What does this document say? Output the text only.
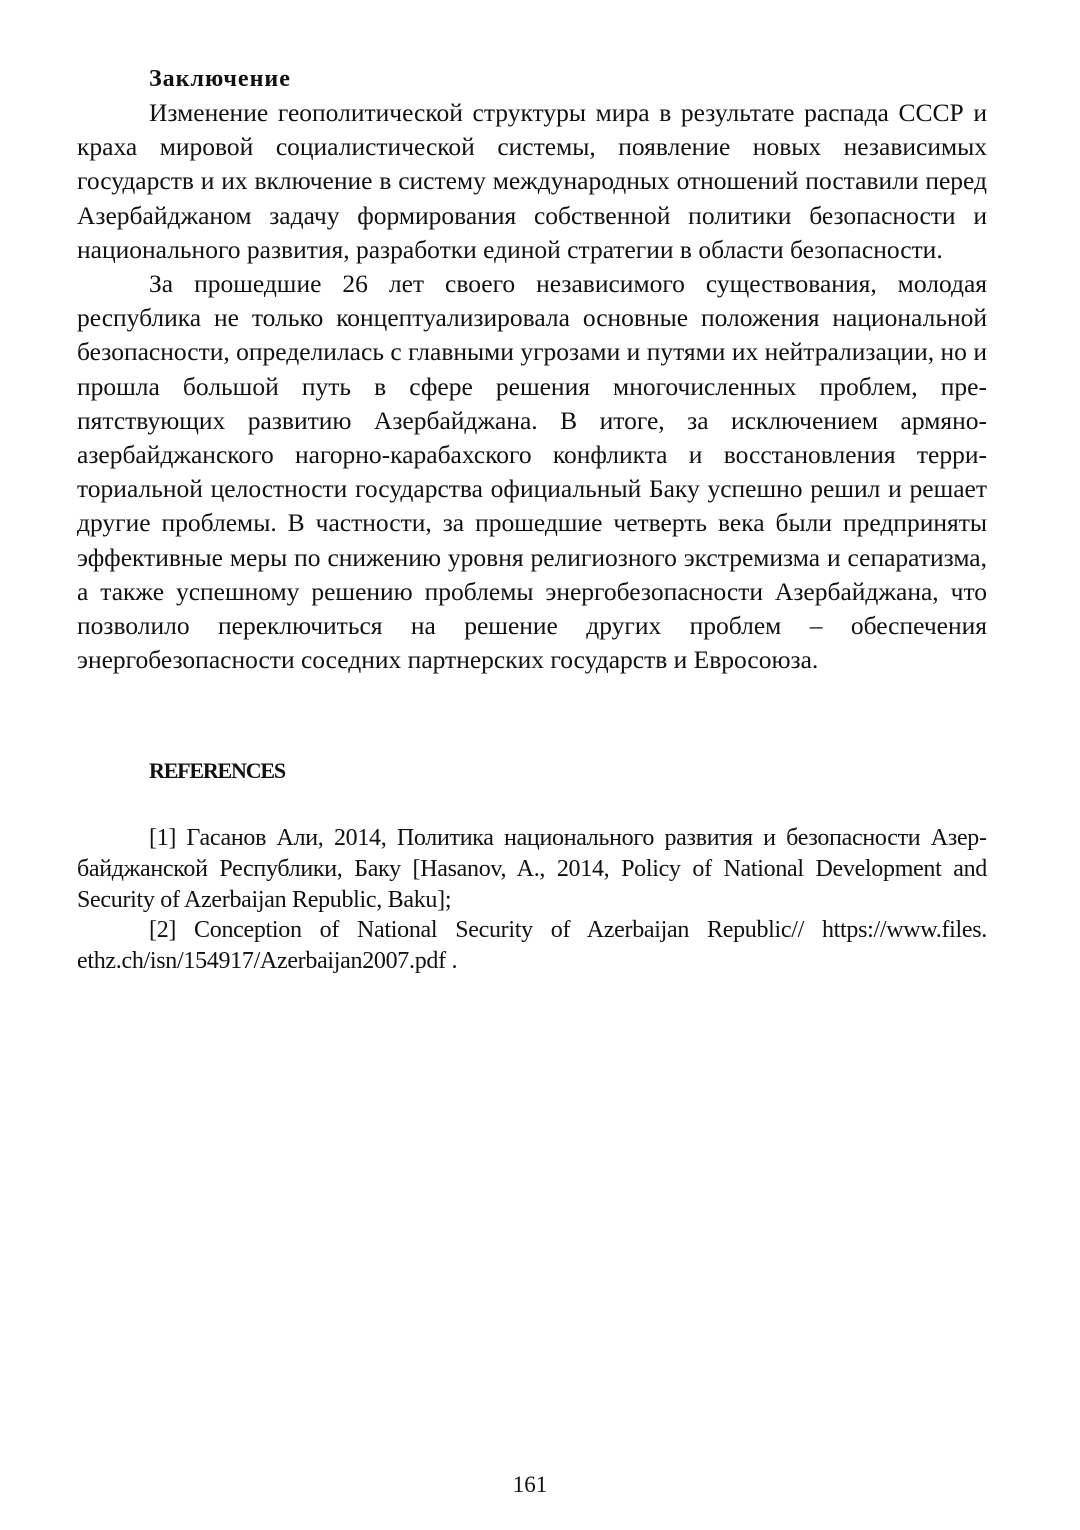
Заключение

Изменение геополитической структуры мира в результате распада СССР и краха мировой социалистической системы, появление новых независимых государств и их включение в систему международных отношений поставили перед Азербайджаном задачу формирования собственной политики безопасности и национального развития, разработки единой стратегии в области безопасности.

За прошедшие 26 лет своего независимого существования, молодая республика не только концептуализировала основные положения национальной безопасности, определилась с главными угрозами и путями их нейтрализации, но и прошла большой путь в сфере решения многочисленных проблем, препятствующих развитию Азербайджана. В итоге, за исключением армяно-азербайджанского нагорно-карабахского конфликта и восстановления территориальной целостности государства официальный Баку успешно решил и решает другие проблемы. В частности, за прошедшие четверть века были предприняты эффективные меры по снижению уровня религиозного экстремизма и сепаратизма, а также успешному решению проблемы энергобезопасности Азербайджана, что позволило переключиться на решение других проблем – обеспечения энергобезопасности соседних партнерских государств и Евросоюза.

REFERENCES

[1] Гасанов Али, 2014, Политика национального развития и безопасности Азербайджанской Республики, Баку [Hasanov, A., 2014, Policy of National Development and Security of Azerbaijan Republic, Baku];

[2] Conception of National Security of Azerbaijan Republic// https://www.files.​ethz.ch/isn/154917/Azerbaijan2007.pdf .

161
